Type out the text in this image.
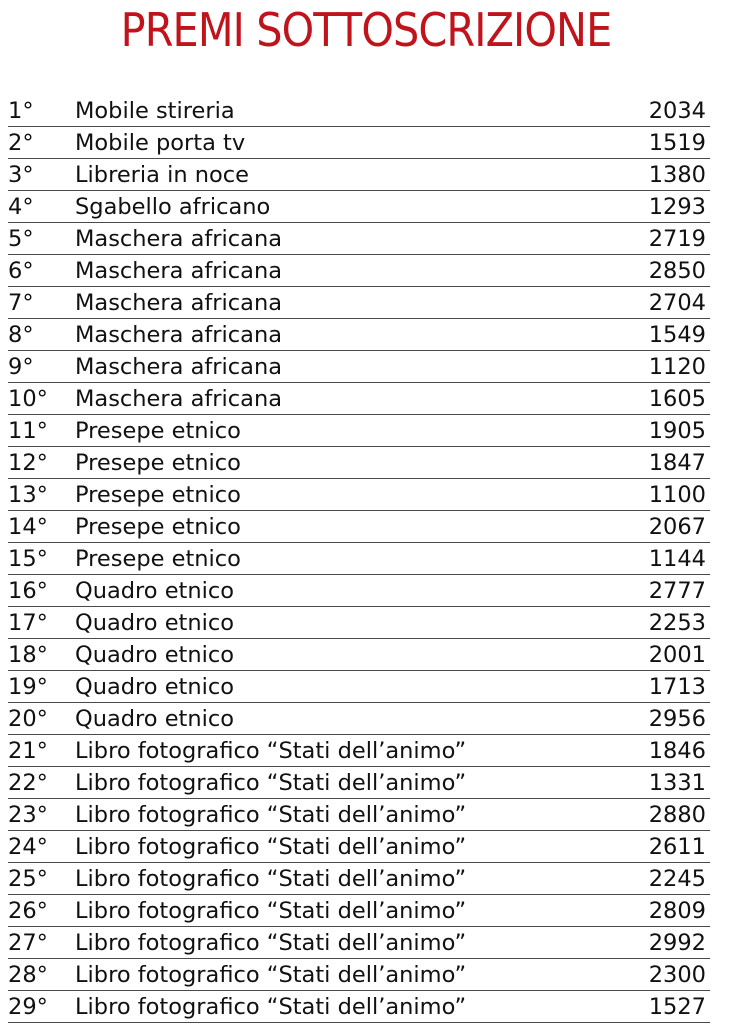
PREMI SOTTOSCRIZIONE
1°	Mobile stireria	2034
2°	Mobile porta tv	1519
3°	Libreria in noce	1380
4°	Sgabello africano	1293
5°	Maschera africana	2719
6°	Maschera africana	2850
7°	Maschera africana	2704
8°	Maschera africana	1549
9°	Maschera africana	1120
10°	Maschera africana	1605
11°	Presepe etnico	1905
12°	Presepe etnico	1847
13°	Presepe etnico	1100
14°	Presepe etnico	2067
15°	Presepe etnico	1144
16°	Quadro etnico	2777
17°	Quadro etnico	2253
18°	Quadro etnico	2001
19°	Quadro etnico	1713
20°	Quadro etnico	2956
21°	Libro fotografico “Stati dell’animo”	1846
22°	Libro fotografico “Stati dell’animo”	1331
23°	Libro fotografico “Stati dell’animo”	2880
24°	Libro fotografico “Stati dell’animo”	2611
25°	Libro fotografico “Stati dell’animo”	2245
26°	Libro fotografico “Stati dell’animo”	2809
27°	Libro fotografico “Stati dell’animo”	2992
28°	Libro fotografico “Stati dell’animo”	2300
29°	Libro fotografico “Stati dell’animo”	1527
